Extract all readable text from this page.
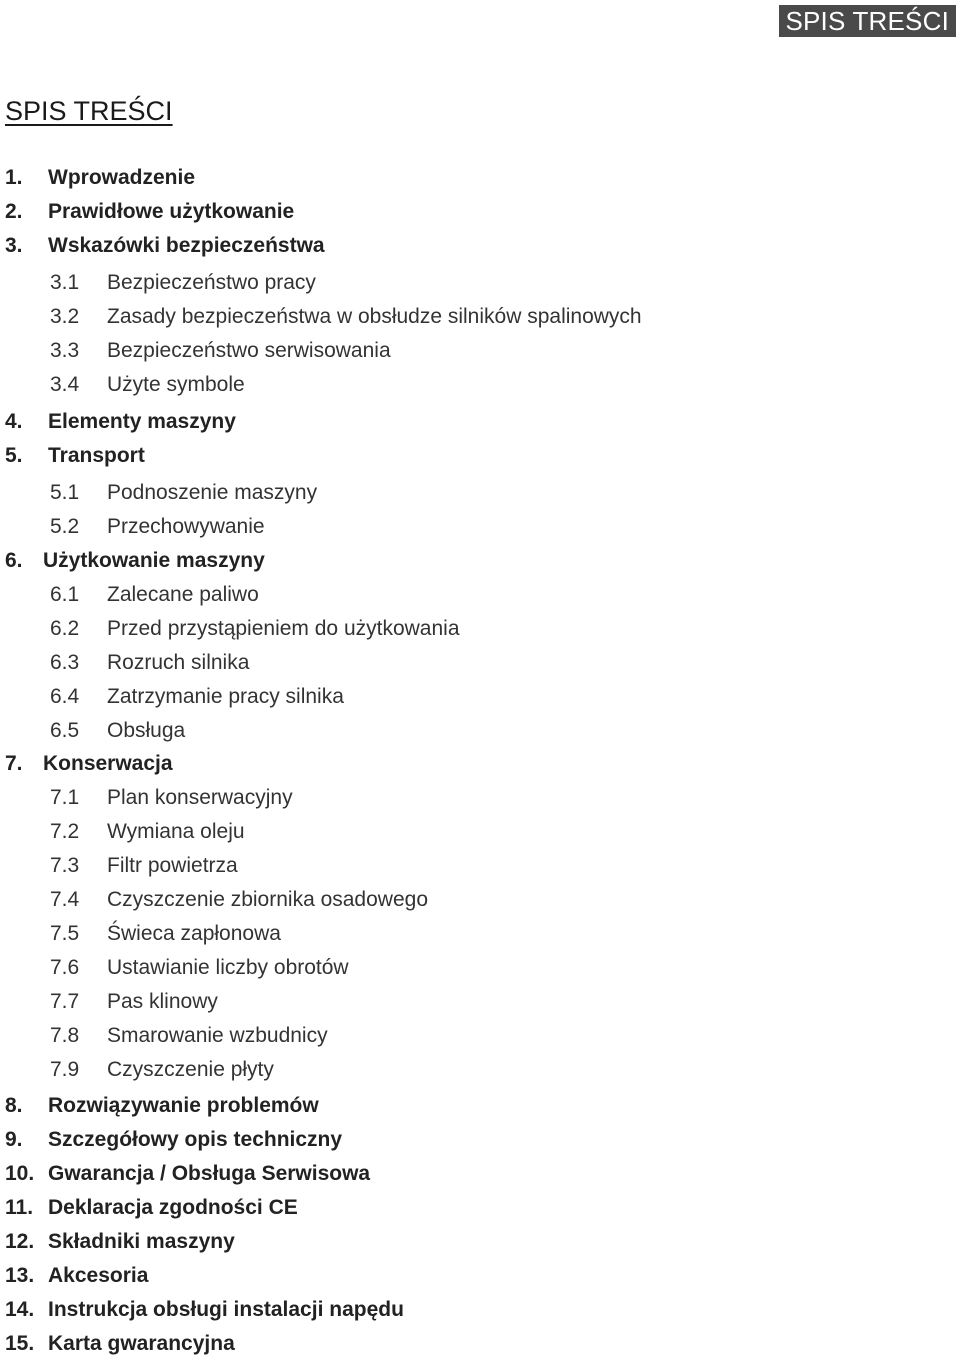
SPIS TREŚCI
SPIS TREŚCI
1. Wprowadzenie
2. Prawidłowe użytkowanie
3. Wskazówki bezpieczeństwa
3.1 Bezpieczeństwo pracy
3.2 Zasady bezpieczeństwa w obsłudze silników spalinowych
3.3 Bezpieczeństwo serwisowania
3.4 Użyte symbole
4. Elementy maszyny
5. Transport
5.1 Podnoszenie maszyny
5.2 Przechowywanie
6. Użytkowanie maszyny
6.1 Zalecane paliwo
6.2 Przed przystąpieniem do użytkowania
6.3 Rozruch silnika
6.4 Zatrzymanie pracy silnika
6.5 Obsługa
7. Konserwacja
7.1 Plan konserwacyjny
7.2 Wymiana oleju
7.3 Filtr powietrza
7.4 Czyszczenie zbiornika osadowego
7.5 Świeca zapłonowa
7.6 Ustawianie liczby obrotów
7.7 Pas klinowy
7.8 Smarowanie wzbudnicy
7.9 Czyszczenie płyty
8. Rozwiązywanie problemów
9. Szczegółowy opis techniczny
10. Gwarancja / Obsługa Serwisowa
11. Deklaracja zgodności CE
12. Składniki maszyny
13. Akcesoria
14. Instrukcja obsługi instalacji napędu
15. Karta gwarancyjna
